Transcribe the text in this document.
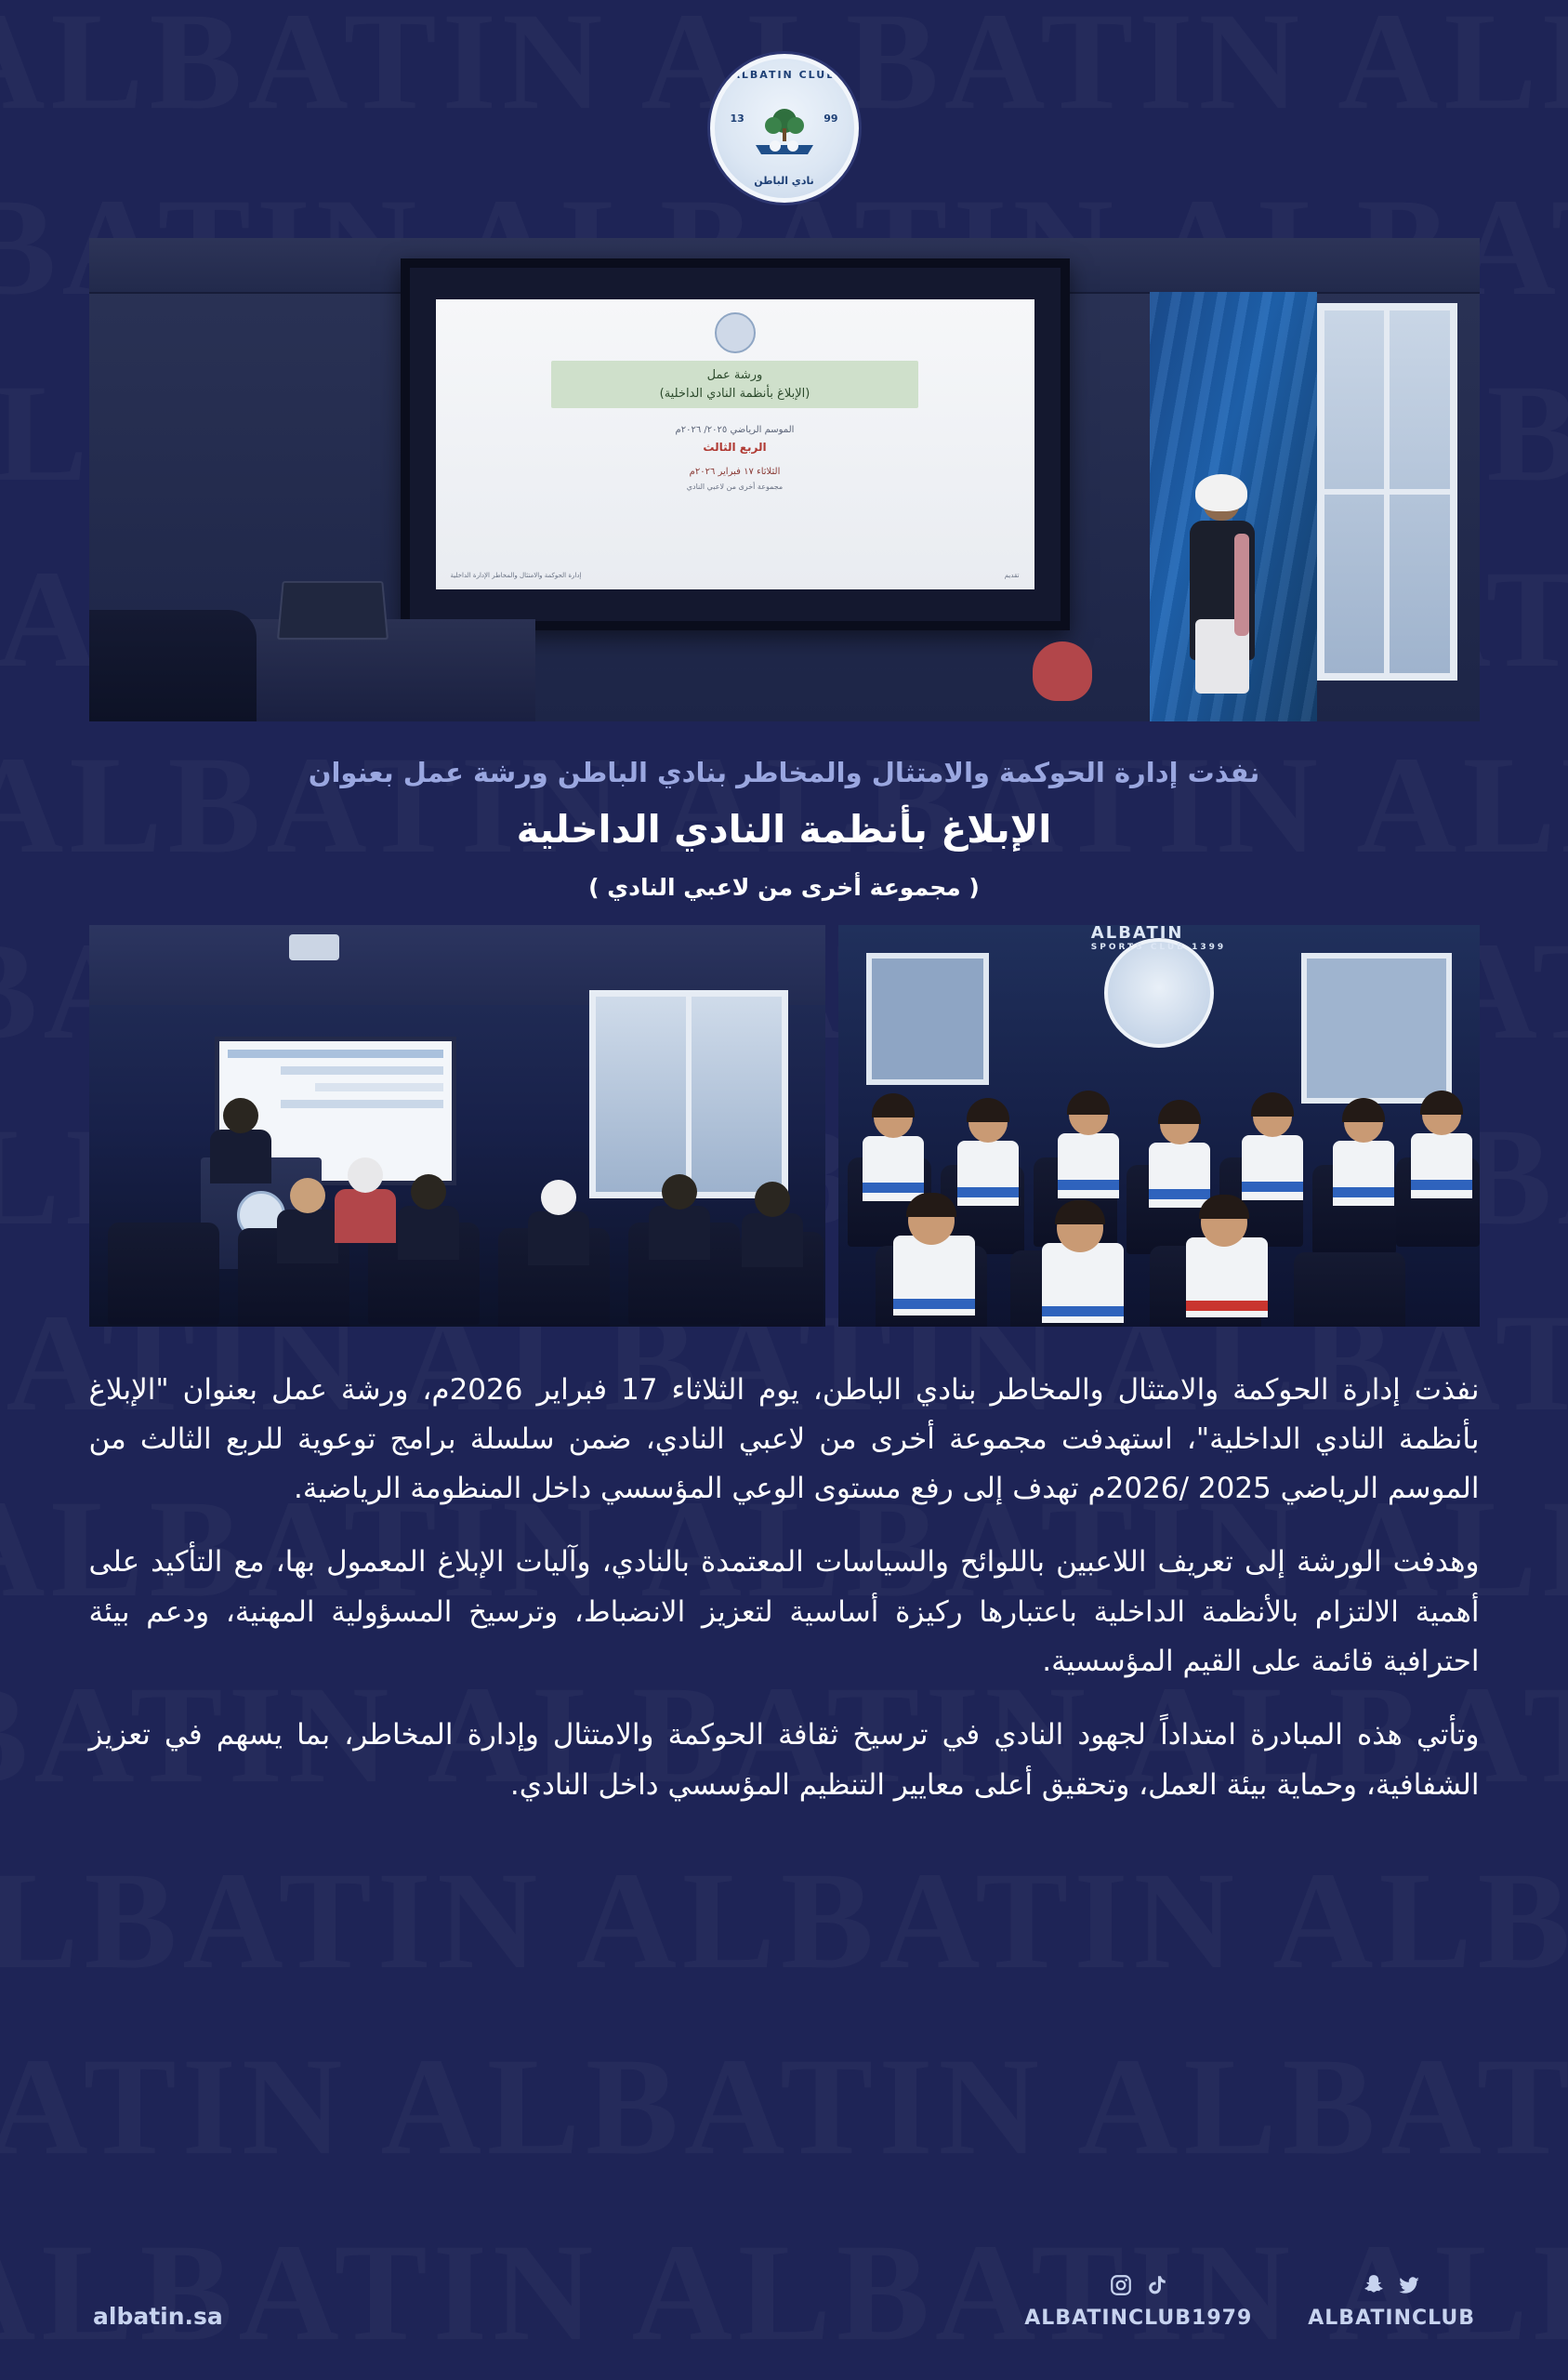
ALBATIN CLUB
13	99
نادي الباطن
ورشة عمل
(الإبلاغ بأنظمة النادي الداخلية)
الموسم الرياضي ٢٠٢٥/ ٢٠٢٦م
الربع الثالث
الثلاثاء ١٧ فبراير ٢٠٢٦م
مجموعة أخرى من لاعبي النادي
إدارة الحوكمة والامتثال والمخاطر الإدارة الداخلية	تقديم
نفذت إدارة الحوكمة والامتثال والمخاطر بنادي الباطن ورشة عمل بعنوان
الإبلاغ بأنظمة النادي الداخلية
( مجموعة أخرى من لاعبي النادي )
ALBATIN
SPORTS CLUB 1399

نفذت إدارة الحوكمة والامتثال والمخاطر بنادي الباطن، يوم الثلاثاء 17 فبراير 2026م، ورشة عمل بعنوان "الإبلاغ بأنظمة النادي الداخلية"، استهدفت مجموعة أخرى من لاعبي النادي، ضمن سلسلة برامج توعوية للربع الثالث من الموسم الرياضي 2025 /2026م تهدف إلى رفع مستوى الوعي المؤسسي داخل المنظومة الرياضية.

وهدفت الورشة إلى تعريف اللاعبين باللوائح والسياسات المعتمدة بالنادي، وآليات الإبلاغ المعمول بها، مع التأكيد على أهمية الالتزام بالأنظمة الداخلية باعتبارها ركيزة أساسية لتعزيز الانضباط، وترسيخ المسؤولية المهنية، ودعم بيئة احترافية قائمة على القيم المؤسسية.

وتأتي هذه المبادرة امتداداً لجهود النادي في ترسيخ ثقافة الحوكمة والامتثال وإدارة المخاطر، بما يسهم في تعزيز الشفافية، وحماية بيئة العمل، وتحقيق أعلى معايير التنظيم المؤسسي داخل النادي.

ALBATINCLUB
ALBATINCLUB1979
albatin.sa
